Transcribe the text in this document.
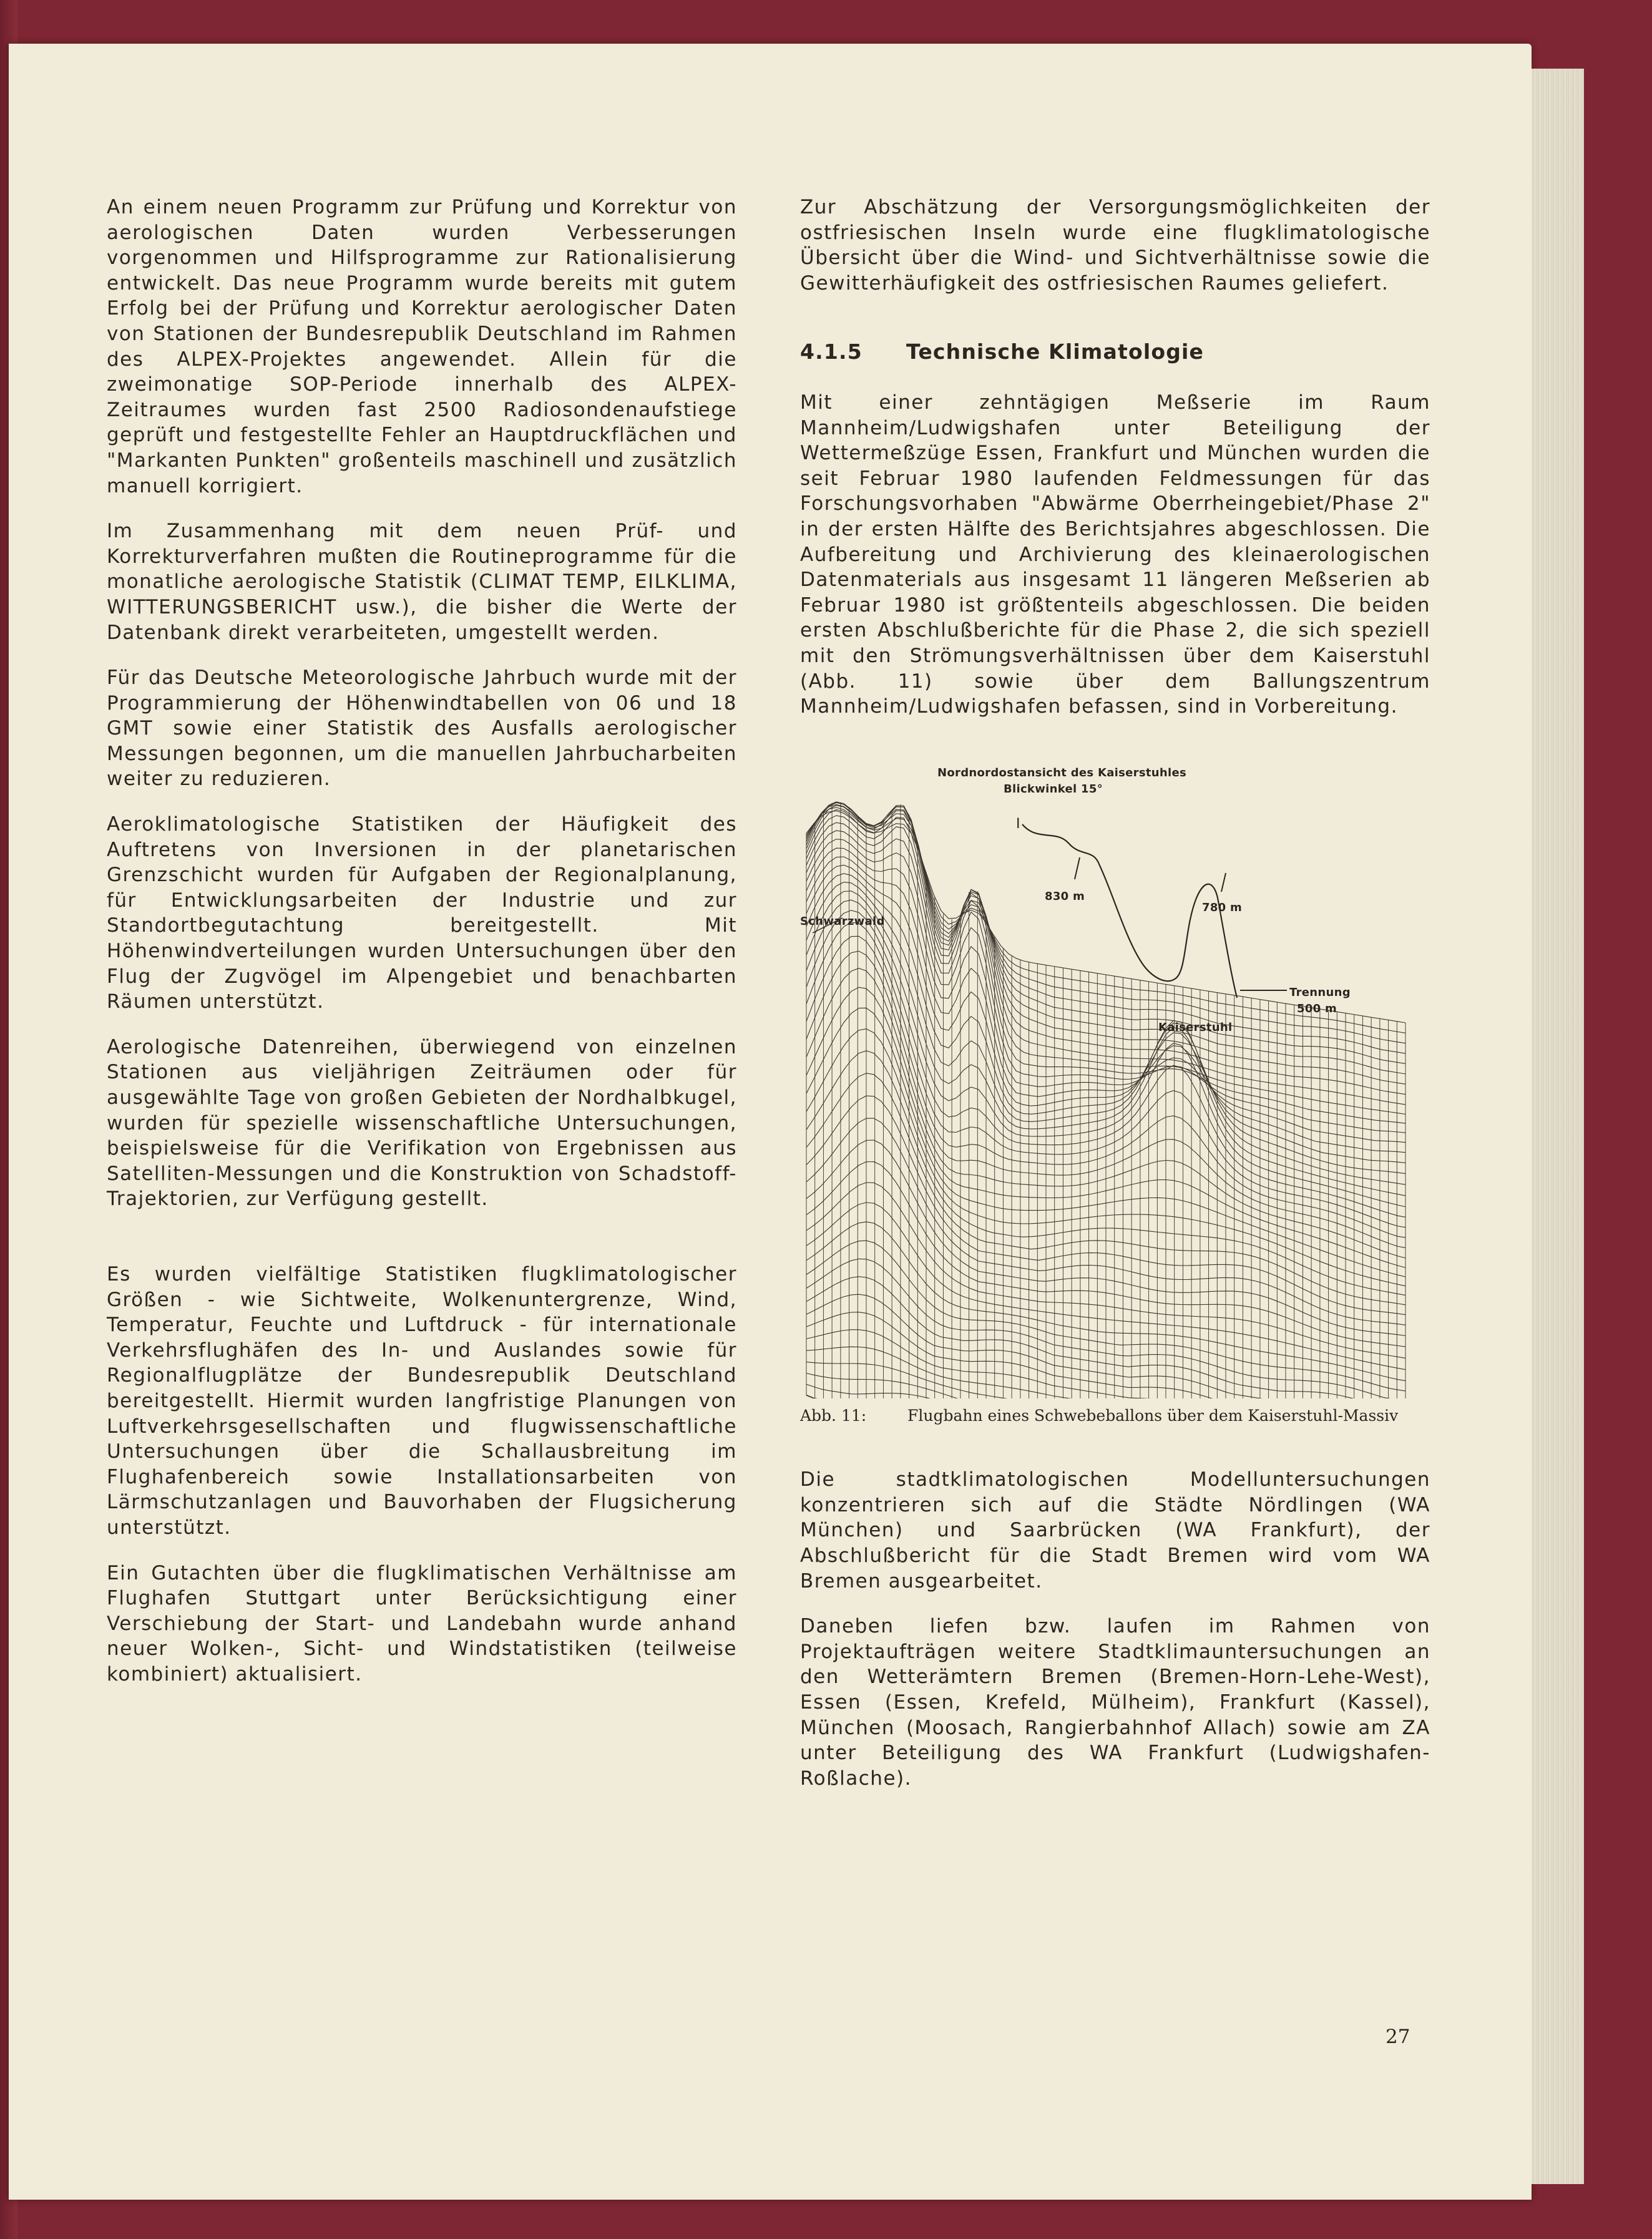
An einem neuen Programm zur Prüfung und Korrektur von aerologischen Daten wurden Verbesserungen vorgenommen und Hilfsprogramme zur Rationalisierung entwickelt. Das neue Programm wurde bereits mit gutem Erfolg bei der Prüfung und Korrektur aerologischer Daten von Stationen der Bundesrepublik Deutschland im Rahmen des ALPEX-Projektes angewendet. Allein für die zweimonatige SOP-Periode innerhalb des ALPEX-Zeitraumes wurden fast 2500 Radiosondenaufstiege geprüft und festgestellte Fehler an Hauptdruckflächen und "Markanten Punkten" großenteils maschinell und zusätzlich manuell korrigiert.

Im Zusammenhang mit dem neuen Prüf- und Korrekturverfahren mußten die Routineprogramme für die monatliche aerologische Statistik (CLIMAT TEMP, EILKLIMA, WITTERUNGSBERICHT usw.), die bisher die Werte der Datenbank direkt verarbeiteten, umgestellt werden.

Für das Deutsche Meteorologische Jahrbuch wurde mit der Programmierung der Höhenwindtabellen von 06 und 18 GMT sowie einer Statistik des Ausfalls aerologischer Messungen begonnen, um die manuellen Jahrbucharbeiten weiter zu reduzieren.

Aeroklimatologische Statistiken der Häufigkeit des Auftretens von Inversionen in der planetarischen Grenzschicht wurden für Aufgaben der Regionalplanung, für Entwicklungsarbeiten der Industrie und zur Standortbegutachtung bereitgestellt. Mit Höhenwindverteilungen wurden Untersuchungen über den Flug der Zugvögel im Alpengebiet und benachbarten Räumen unterstützt.

Aerologische Datenreihen, überwiegend von einzelnen Stationen aus vieljährigen Zeiträumen oder für ausgewählte Tage von großen Gebieten der Nordhalbkugel, wurden für spezielle wissenschaftliche Untersuchungen, beispielsweise für die Verifikation von Ergebnissen aus Satelliten-Messungen und die Konstruktion von Schadstoff-Trajektorien, zur Verfügung gestellt.

Es wurden vielfältige Statistiken flugklimatologischer Größen - wie Sichtweite, Wolkenuntergrenze, Wind, Temperatur, Feuchte und Luftdruck - für internationale Verkehrsflughäfen des In- und Auslandes sowie für Regionalflugplätze der Bundesrepublik Deutschland bereitgestellt. Hiermit wurden langfristige Planungen von Luftverkehrsgesellschaften und flugwissenschaftliche Untersuchungen über die Schallausbreitung im Flughafenbereich sowie Installationsarbeiten von Lärmschutzanlagen und Bauvorhaben der Flugsicherung unterstützt.

Ein Gutachten über die flugklimatischen Verhältnisse am Flughafen Stuttgart unter Berücksichtigung einer Verschiebung der Start- und Landebahn wurde anhand neuer Wolken-, Sicht- und Windstatistiken (teilweise kombiniert) aktualisiert.

Zur Abschätzung der Versorgungsmöglichkeiten der ostfriesischen Inseln wurde eine flugklimatologische Übersicht über die Wind- und Sichtverhältnisse sowie die Gewitterhäufigkeit des ostfriesischen Raumes geliefert.

4.1.5 Technische Klimatologie

Mit einer zehntägigen Meßserie im Raum Mannheim/Ludwigshafen unter Beteiligung der Wettermeßzüge Essen, Frankfurt und München wurden die seit Februar 1980 laufenden Feldmessungen für das Forschungsvorhaben "Abwärme Oberrheingebiet/Phase 2" in der ersten Hälfte des Berichtsjahres abgeschlossen. Die Aufbereitung und Archivierung des kleinaerologischen Datenmaterials aus insgesamt 11 längeren Meßserien ab Februar 1980 ist größtenteils abgeschlossen. Die beiden ersten Abschlußberichte für die Phase 2, die sich speziell mit den Strömungsverhältnissen über dem Kaiserstuhl (Abb. 11) sowie über dem Ballungszentrum Mannheim/Ludwigshafen befassen, sind in Vorbereitung.

Nordnordostansicht des Kaiserstuhles
Blickwinkel 15°
I
830 m
780 m
Schwarzwald
Trennung
500 m
Kaiserstuhl
Abb. 11:	Flugbahn eines Schwebeballons über dem Kaiserstuhl-Massiv

Die stadtklimatologischen Modelluntersuchungen konzentrieren sich auf die Städte Nördlingen (WA München) und Saarbrücken (WA Frankfurt), der Abschlußbericht für die Stadt Bremen wird vom WA Bremen ausgearbeitet.

Daneben liefen bzw. laufen im Rahmen von Projektaufträgen weitere Stadtklimauntersuchungen an den Wetterämtern Bremen (Bremen-Horn-Lehe-West), Essen (Essen, Krefeld, Mülheim), Frankfurt (Kassel), München (Moosach, Rangierbahnhof Allach) sowie am ZA unter Beteiligung des WA Frankfurt (Ludwigshafen-Roßlache).

27
